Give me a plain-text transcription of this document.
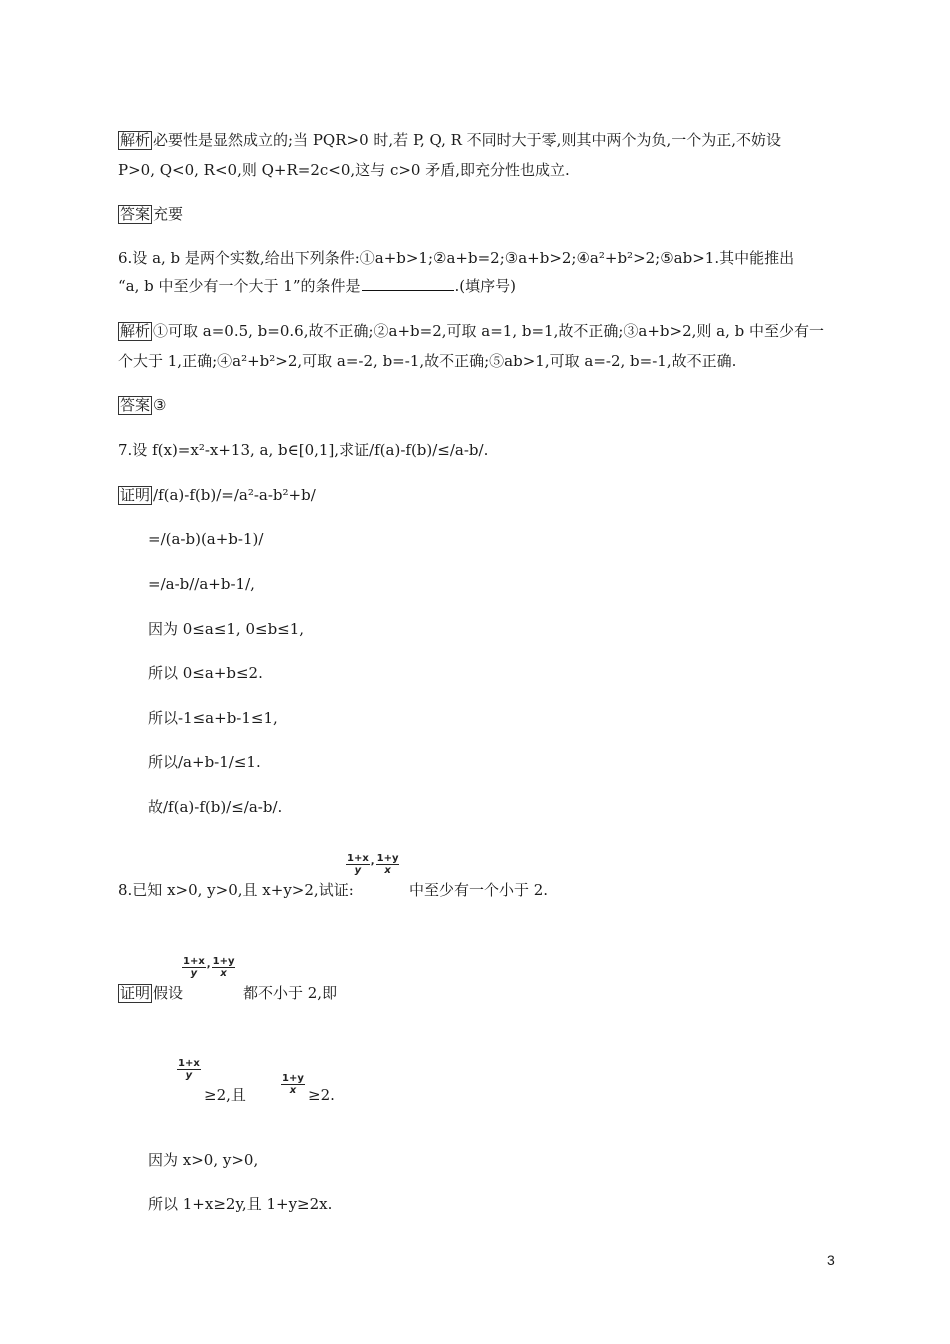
解析 必要性是显然成立的;当 PQR>0 时,若 P, Q, R 不同时大于零,则其中两个为负,一个为正,不妨设
P>0, Q<0, R<0,则 Q+R=2c<0,这与 c>0 矛盾,即充分性也成立.
答案 充要
6.设 a, b 是两个实数,给出下列条件:①a+b>1;②a+b=2;③a+b>2;④a²+b²>2;⑤ab>1.其中能推出
“a, b 中至少有一个大于 1”的条件是	.(填序号)
解析 ①可取 a=0.5, b=0.6,故不正确;②a+b=2,可取 a=1, b=1,故不正确;③a+b>2,则 a, b 中至少有一
个大于 1,正确;④a²+b²>2,可取 a=-2, b=-1,故不正确;⑤ab>1,可取 a=-2, b=-1,故不正确.
答案 ③
7.设 f(x)=x²-x+13, a, b∈[0,1],求证/f(a)-f(b)/≤/a-b/.
证明 /f(a)-f(b)/=/a²-a-b²+b/
=/(a-b)(a+b-1)/
=/a-b//a+b-1/,
因为 0≤a≤1, 0≤b≤1,
所以 0≤a+b≤2.
所以-1≤a+b-1≤1,
所以/a+b-1/≤1.
故/f(a)-f(b)/≤/a-b/.
1+x
y
, 1+y
x
8.已知 x>0, y>0,且 x+y>2,试证:	中至少有一个小于 2.
1+x
y
, 1+y
x
证明 假设	都不小于 2,即
1+x
y
≥2,且
1+y
x ≥2.
因为 x>0, y>0,
所以 1+x≥2y,且 1+y≥2x.
3
